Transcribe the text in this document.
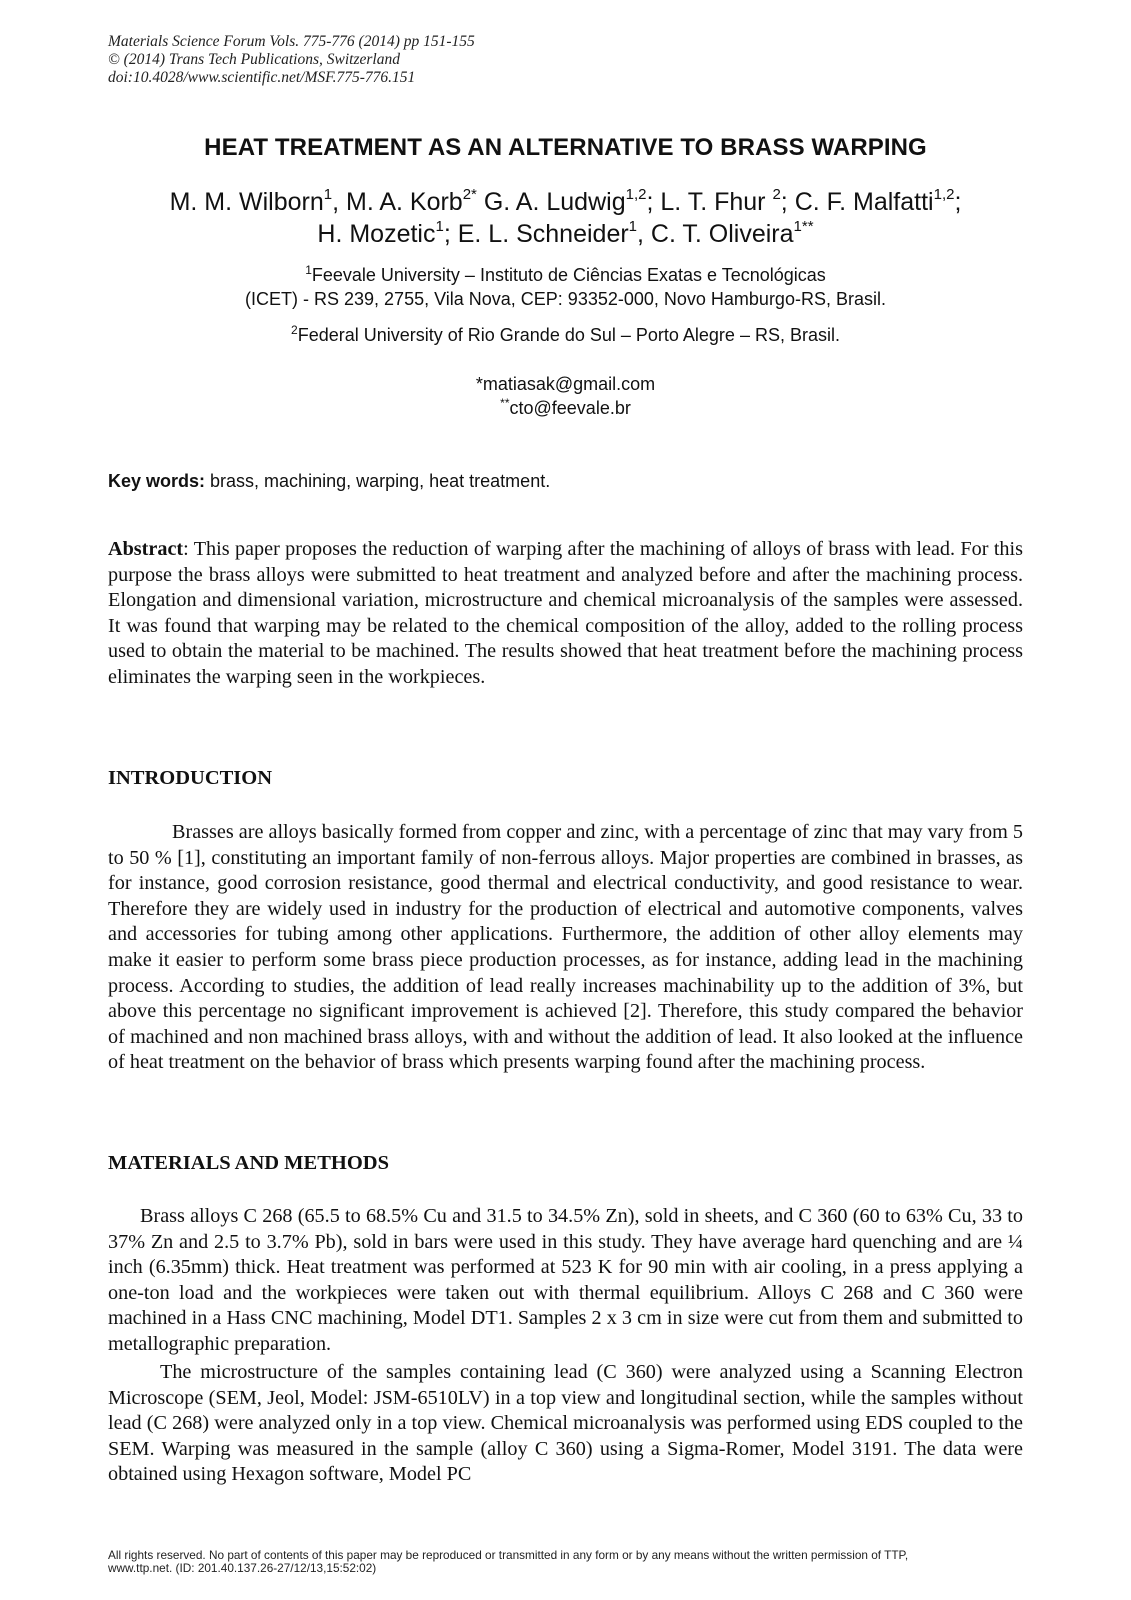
Materials Science Forum Vols. 775-776 (2014) pp 151-155
© (2014) Trans Tech Publications, Switzerland
doi:10.4028/www.scientific.net/MSF.775-776.151
HEAT TREATMENT AS AN ALTERNATIVE TO BRASS WARPING
M. M. Wilborn$^1$, M. A. Korb$^{2*}$ G. A. Ludwig$^{1,2}$; L. T. Fhur $^2$; C. F. Malfatti$^{1,2}$;
H. Mozetic$^1$; E. L. Schneider$^1$, C. T. Oliveira$^{1**}$
$^1$Feevale University – Instituto de Ciências Exatas e Tecnológicas
(ICET) - RS 239, 2755, Vila Nova, CEP: 93352-000, Novo Hamburgo-RS, Brasil.
$^2$Federal University of Rio Grande do Sul – Porto Alegre – RS, Brasil.
*matiasak@gmail.com
**cto@feevale.br
Key words: brass, machining, warping, heat treatment.
Abstract: This paper proposes the reduction of warping after the machining of alloys of brass with lead. For this purpose the brass alloys were submitted to heat treatment and analyzed before and after the machining process. Elongation and dimensional variation, microstructure and chemical microanalysis of the samples were assessed. It was found that warping may be related to the chemical composition of the alloy, added to the rolling process used to obtain the material to be machined. The results showed that heat treatment before the machining process eliminates the warping seen in the workpieces.
INTRODUCTION
Brasses are alloys basically formed from copper and zinc, with a percentage of zinc that may vary from 5 to 50 % [1], constituting an important family of non-ferrous alloys. Major properties are combined in brasses, as for instance, good corrosion resistance, good thermal and electrical conductivity, and good resistance to wear. Therefore they are widely used in industry for the production of electrical and automotive components, valves and accessories for tubing among other applications. Furthermore, the addition of other alloy elements may make it easier to perform some brass piece production processes, as for instance, adding lead in the machining process. According to studies, the addition of lead really increases machinability up to the addition of 3%, but above this percentage no significant improvement is achieved [2]. Therefore, this study compared the behavior of machined and non machined brass alloys, with and without the addition of lead. It also looked at the influence of heat treatment on the behavior of brass which presents warping found after the machining process.
MATERIALS AND METHODS
Brass alloys C 268 (65.5 to 68.5% Cu and 31.5 to 34.5% Zn), sold in sheets, and C 360 (60 to 63% Cu, 33 to 37% Zn and 2.5 to 3.7% Pb), sold in bars were used in this study. They have average hard quenching and are ¼ inch (6.35mm) thick. Heat treatment was performed at 523 K for 90 min with air cooling, in a press applying a one-ton load and the workpieces were taken out with thermal equilibrium. Alloys C 268 and C 360 were machined in a Hass CNC machining, Model DT1. Samples 2 x 3 cm in size were cut from them and submitted to metallographic preparation.
The microstructure of the samples containing lead (C 360) were analyzed using a Scanning Electron Microscope (SEM, Jeol, Model: JSM-6510LV) in a top view and longitudinal section, while the samples without lead (C 268) were analyzed only in a top view. Chemical microanalysis was performed using EDS coupled to the SEM. Warping was measured in the sample (alloy C 360) using a Sigma-Romer, Model 3191. The data were obtained using Hexagon software, Model PC
All rights reserved. No part of contents of this paper may be reproduced or transmitted in any form or by any means without the written permission of TTP,
www.ttp.net. (ID: 201.40.137.26-27/12/13,15:52:02)
